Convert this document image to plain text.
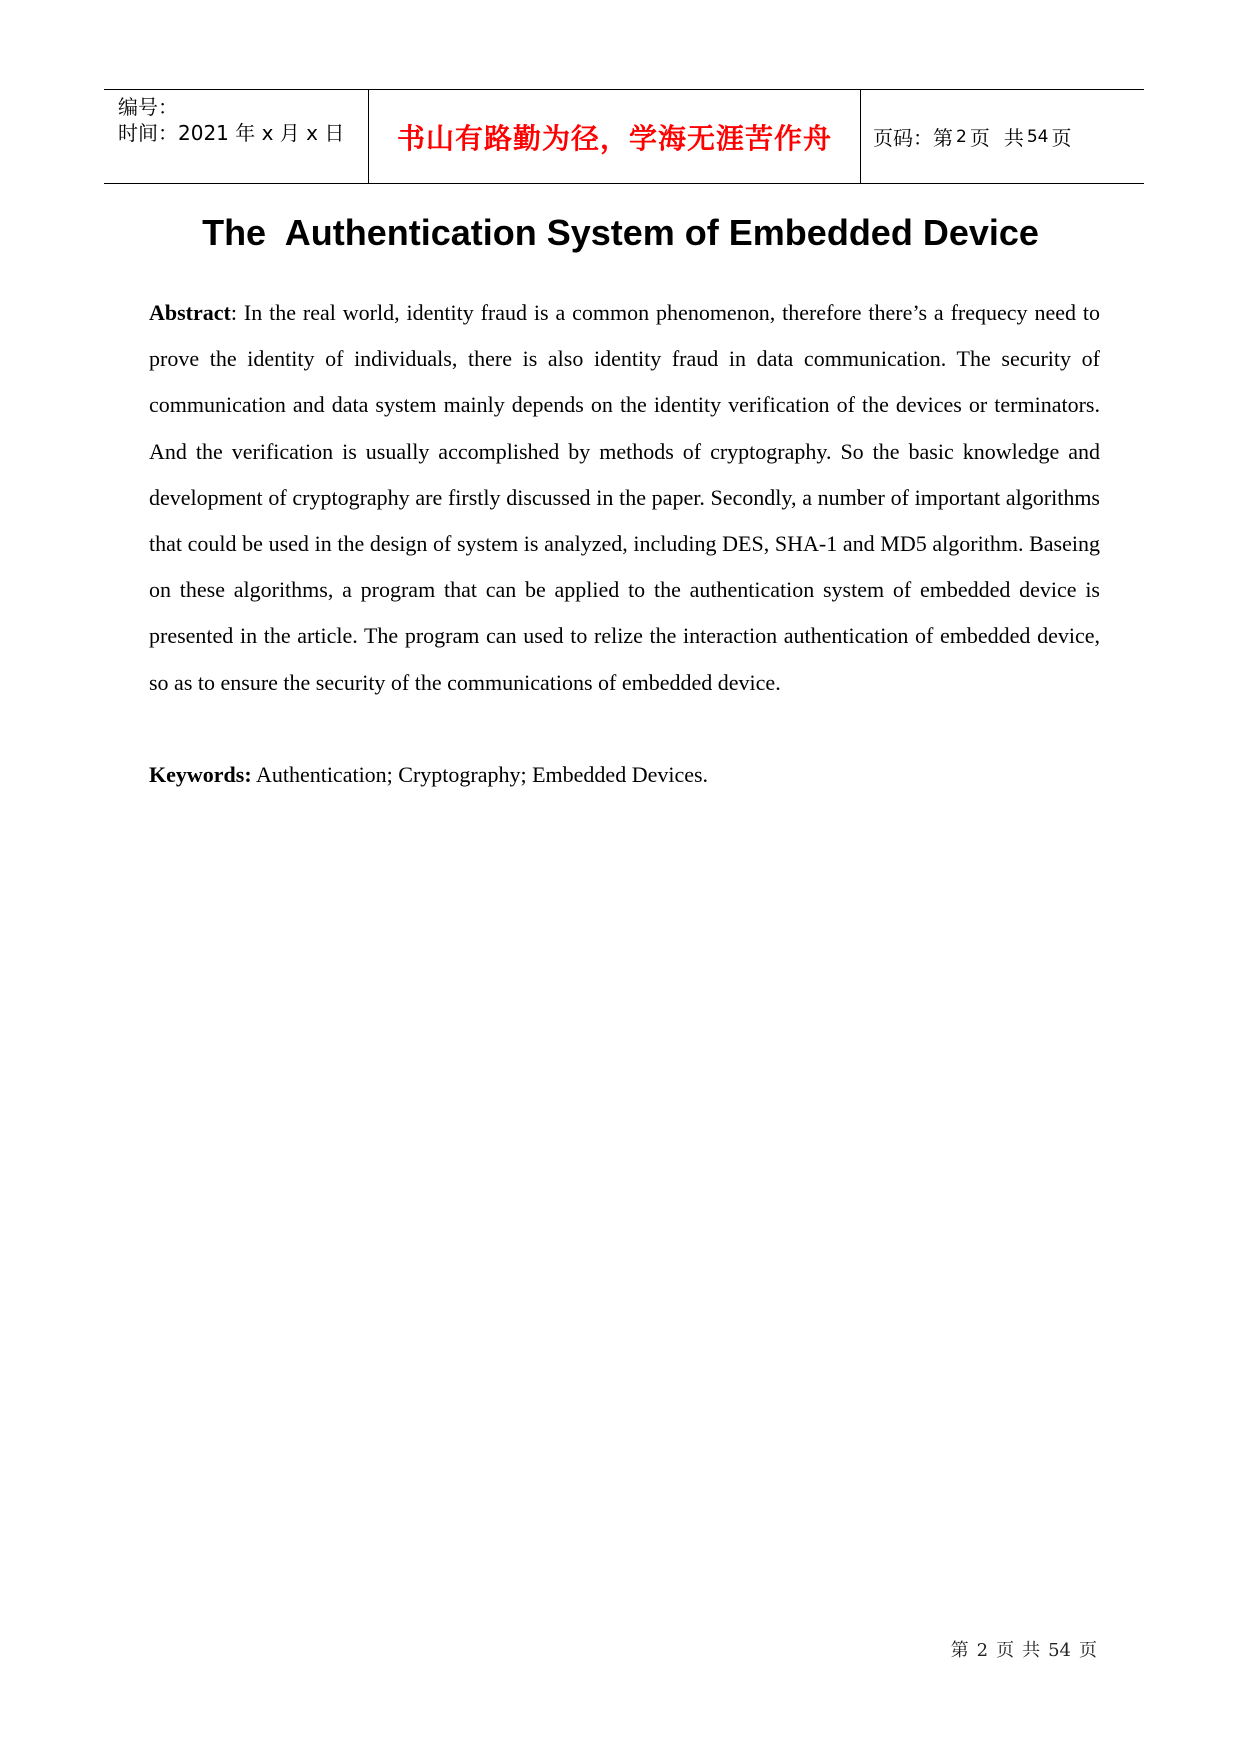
编号：
时间：2021 年 x 月 x 日	书山有路勤为径，学海无涯苦作舟 页码：第 2 页 共 54 页
The  Authentication System of Embedded Device

Abstract: In the real world, identity fraud is a common phenomenon, therefore there’s a frequecy need to prove the identity of individuals, there is also identity fraud in data communication. The security of communication and data system mainly depends on the identity verification of the devices or terminators. And the verification is usually accomplished by methods of cryptography. So the basic knowledge and development of cryptography are firstly discussed in the paper. Secondly, a number of important algorithms that could be used in the design of system is analyzed, including DES, SHA-1 and MD5 algorithm. Baseing on these algorithms, a program that can be applied to the authentication system of embedded device is presented in the article. The program can used to relize the interaction authentication of embedded device, so as to ensure the security of the communications of embedded device.

Keywords: Authentication; Cryptography; Embedded Devices.

第 2 页 共 54 页
